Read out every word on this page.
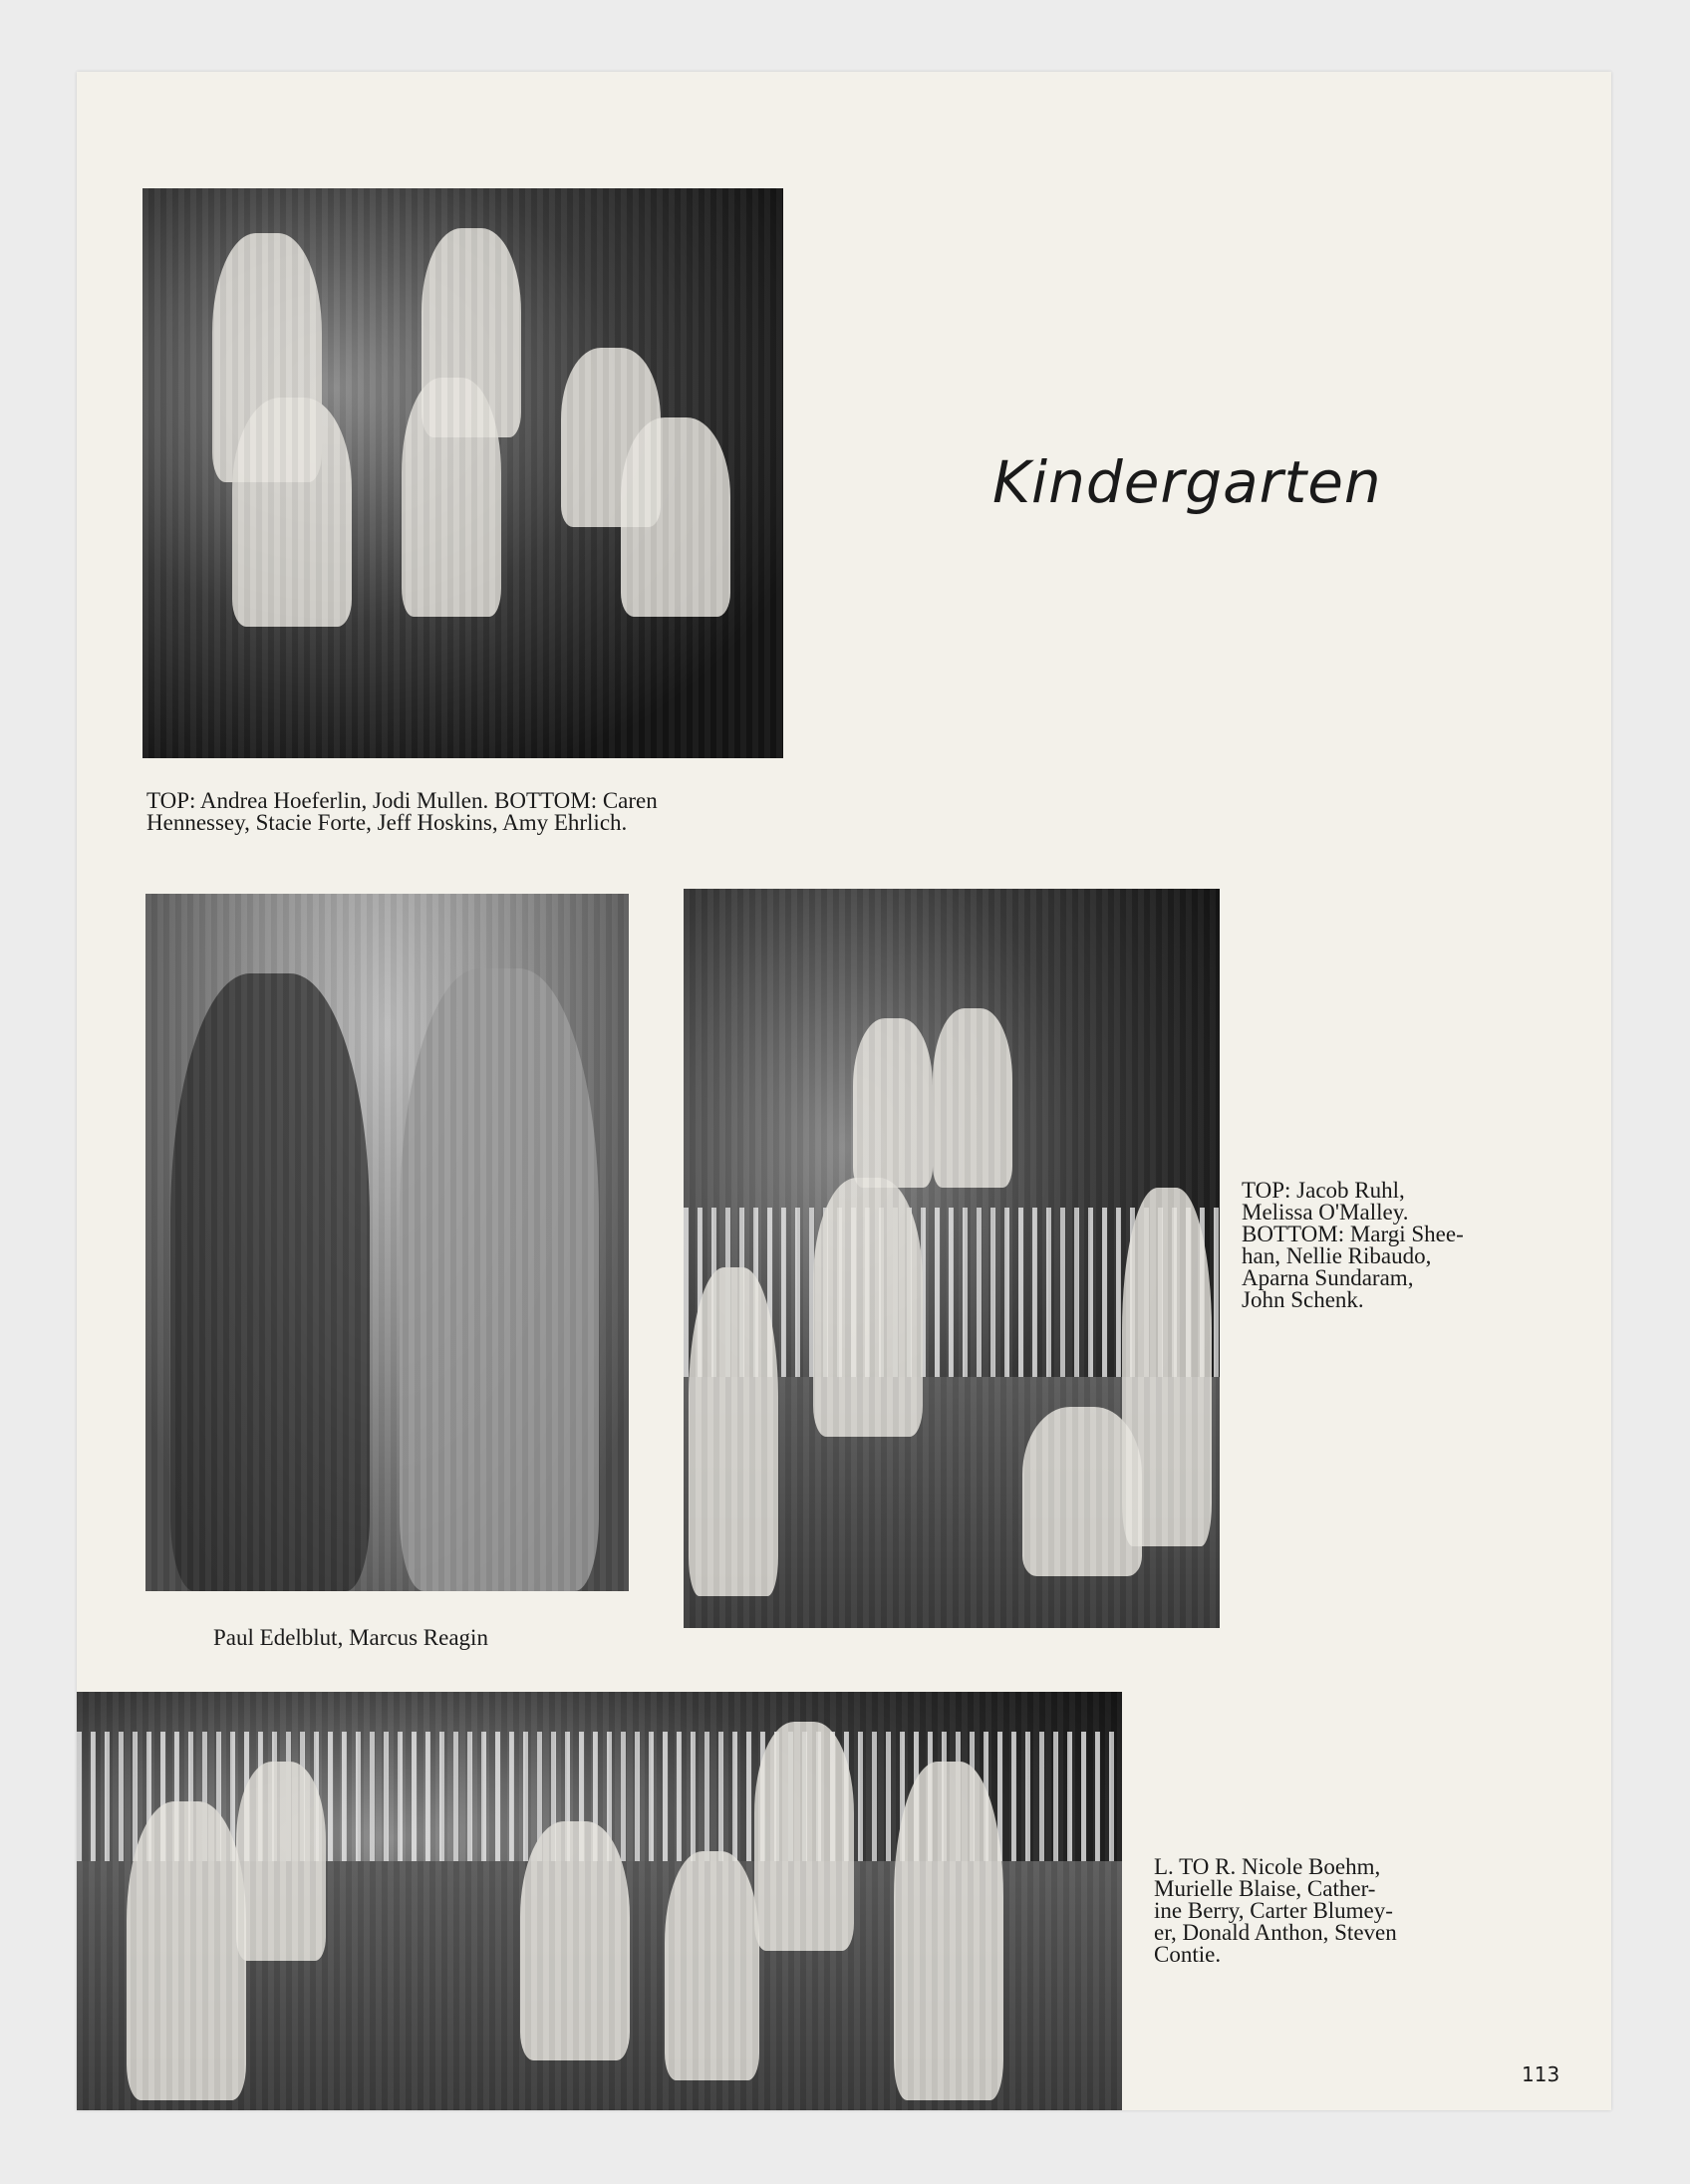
TOP: Andrea Hoeferlin, Jodi Mullen. BOTTOM: Caren
Hennessey, Stacie Forte, Jeff Hoskins, Amy Ehrlich.

Kindergarten

Paul Edelblut, Marcus Reagin

TOP: Jacob Ruhl,
Melissa O'Malley.
BOTTOM: Margi Shee-
han, Nellie Ribaudo,
Aparna Sundaram,
John Schenk.

L. TO R. Nicole Boehm,
Murielle Blaise, Cather-
ine Berry, Carter Blumey-
er, Donald Anthon, Steven
Contie.

113
